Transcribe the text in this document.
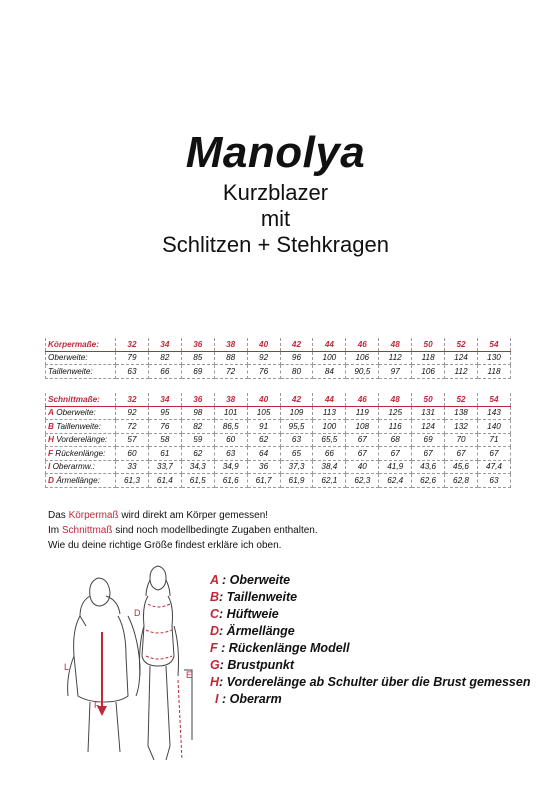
Manolya
Kurzblazer
mit
Schlitzen + Stehkragen
Körpermaße:	32	34	36	38	40	42	44	46	48	50	52	54
Oberweite:	79	82	85	88	92	96	100	106	112	118	124	130
Taillenweite:	63	66	69	72	76	80	84	90,5	97	106	112	118
Schnittmaße:	32	34	36	38	40	42	44	46	48	50	52	54
A Oberweite:	92	95	98	101	105	109	113	119	125	131	138	143
B Taillenweite:	72	76	82	86,5	91	95,5	100	108	116	124	132	140
H Vorderelänge:	57	58	59	60	62	63	65,5	67	68	69	70	71
F Rückenlänge:	60	61	62	63	64	65	66	67	67	67	67	67
I Oberarmw.:	33	33,7	34,3	34,9	36	37,3	38,4	40	41,9	43,6	45,6	47,4
D Ärmellänge:	61,3	61,4	61,5	61,6	61,7	61,9	62,1	62,3	62,4	62,6	62,8	63
Das Körpermaß wird direkt am Körper gemessen!
Im Schnittmaß sind noch modellbedingte Zugaben enthalten.
Wie du deine richtige Größe findest erkläre ich oben.
D
F
E
L
A : Oberweite
B: Taillenweite
C: Hüftweie
D: Ärmellänge
F : Rückenlänge Modell
G: Brustpunkt
H: Vorderelänge ab Schulter über die Brust gemessen
I : Oberarm
